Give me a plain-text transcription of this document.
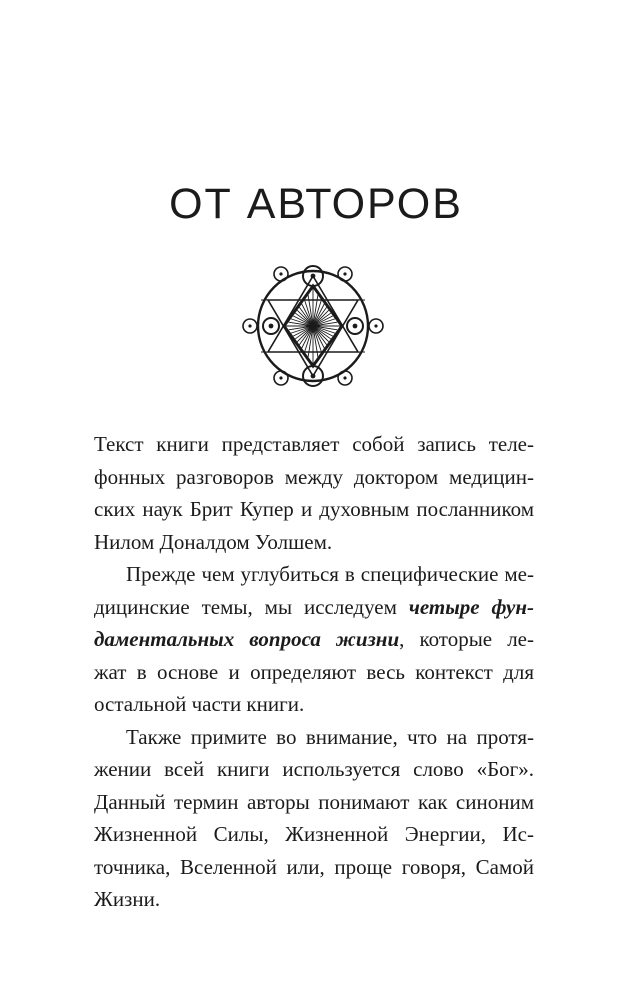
ОТ АВТОРОВ
Текст книги представляет собой запись теле-
фонных разговоров между доктором медицин-
ских наук Брит Купер и духовным посланником
Нилом Доналдом Уолшем.
Прежде чем углубиться в специфические ме-
дицинские темы, мы исследуем четыре фун-
даментальных вопроса жизни, которые ле-
жат в основе и определяют весь контекст для
остальной части книги.
Также примите во внимание, что на протя-
жении всей книги используется слово «Бог».
Данный термин авторы понимают как синоним
Жизненной Силы, Жизненной Энергии, Ис-
точника, Вселенной или, проще говоря, Самой
Жизни.
